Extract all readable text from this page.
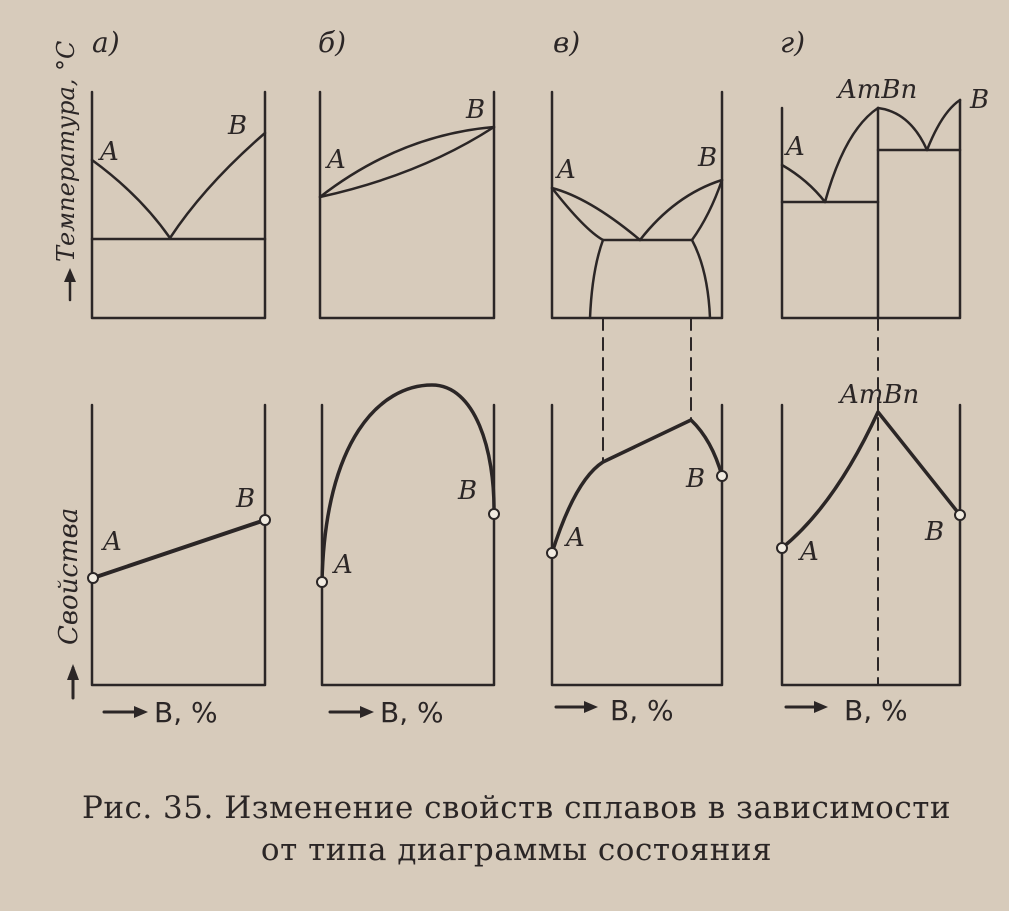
Температура, °С
Свойства
а)
A
B
A
B
B, %
б)
A
B
A
B
B, %
в)
A	B
A
B
B, %
г)
A
AmBn B
A
B
AmBn
B, %
Рис. 35. Изменение свойств сплавов в зависимости
от типа диаграммы состояния
